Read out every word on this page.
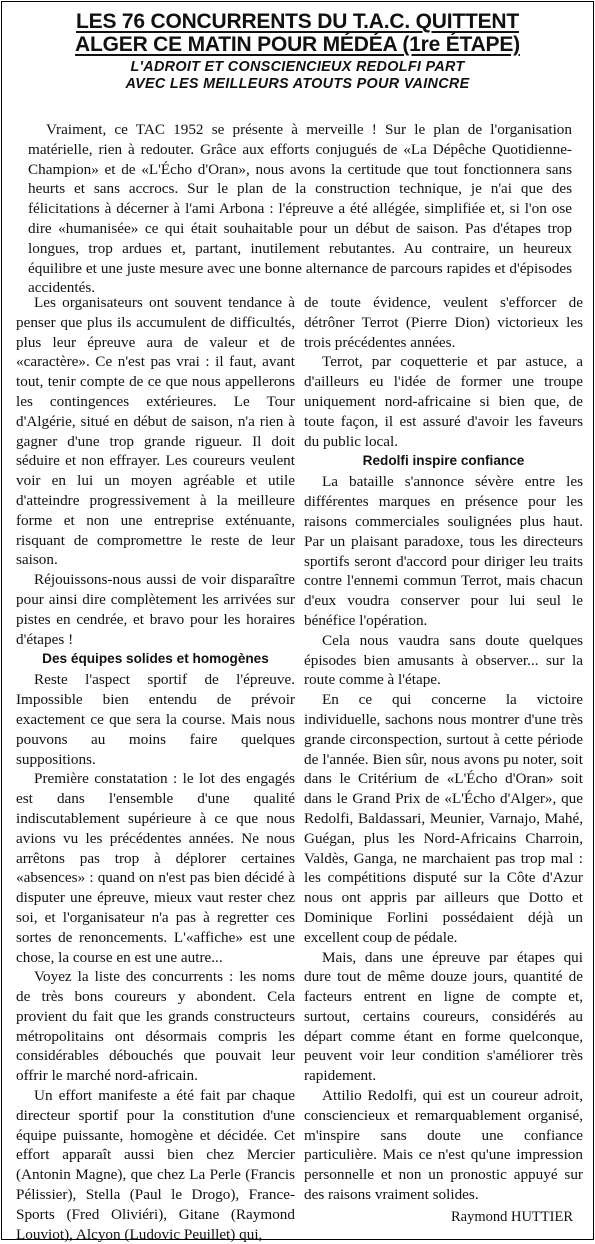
LES 76 CONCURRENTS DU T.A.C. QUITTENT
ALGER CE MATIN POUR MÉDÉA (1re ÉTAPE)
L'ADROIT ET CONSCIENCIEUX REDOLFI PART
AVEC LES MEILLEURS ATOUTS POUR VAINCRE

Vraiment, ce TAC 1952 se présente à merveille ! Sur le plan de l'organisation matérielle, rien à redouter. Grâce aux efforts conjugués de «La Dépêche Quotidienne-Champion» et de «L'Écho d'Oran», nous avons la certitude que tout fonctionnera sans heurts et sans accrocs. Sur le plan de la construction technique, je n'ai que des félicitations à décerner à l'ami Arbona : l'épreuve a été allégée, simplifiée et, si l'on ose dire «humanisée» ce qui était souhaitable pour un début de saison. Pas d'étapes trop longues, trop ardues et, partant, inutilement rebutantes. Au contraire, un heureux équilibre et une juste mesure avec une bonne alternance de parcours rapides et d'épisodes accidentés.

Les organisateurs ont souvent tendance à penser que plus ils accumulent de difficultés, plus leur épreuve aura de valeur et de «caractère». Ce n'est pas vrai : il faut, avant tout, tenir compte de ce que nous appellerons les contingences extérieures. Le Tour d'Algérie, situé en début de saison, n'a rien à gagner d'une trop grande rigueur. Il doit séduire et non effrayer. Les coureurs veulent voir en lui un moyen agréable et utile d'atteindre progressivement à la meilleure forme et non une entreprise exténuante, risquant de compromettre le reste de leur saison.

Réjouissons-nous aussi de voir disparaître pour ainsi dire complètement les arrivées sur pistes en cendrée, et bravo pour les horaires d'étapes !

Des équipes solides et homogènes

Reste l'aspect sportif de l'épreuve. Impossible bien entendu de prévoir exactement ce que sera la course. Mais nous pouvons au moins faire quelques suppositions.

Première constatation : le lot des engagés est dans l'ensemble d'une qualité indiscutablement supérieure à ce que nous avions vu les précédentes années. Ne nous arrêtons pas trop à déplorer certaines «absences» : quand on n'est pas bien décidé à disputer une épreuve, mieux vaut rester chez soi, et l'organisateur n'a pas à regretter ces sortes de renoncements. L'«affiche» est une chose, la course en est une autre...

Voyez la liste des concurrents : les noms de très bons coureurs y abondent. Cela provient du fait que les grands constructeurs métropolitains ont désormais compris les considérables débouchés que pouvait leur offrir le marché nord-africain.

Un effort manifeste a été fait par chaque directeur sportif pour la constitution d'une équipe puissante, homogène et décidée. Cet effort apparaît aussi bien chez Mercier (Antonin Magne), que chez La Perle (Francis Pélissier), Stella (Paul le Drogo), France-Sports (Fred Oliviéri), Gitane (Raymond Louviot), Alcyon (Ludovic Peuillet) qui,

de toute évidence, veulent s'efforcer de détrôner Terrot (Pierre Dion) victorieux les trois précédentes années.

Terrot, par coquetterie et par astuce, a d'ailleurs eu l'idée de former une troupe uniquement nord-africaine si bien que, de toute façon, il est assuré d'avoir les faveurs du public local.

Redolfi inspire confiance

La bataille s'annonce sévère entre les différentes marques en présence pour les raisons commerciales soulignées plus haut. Par un plaisant paradoxe, tous les directeurs sportifs seront d'accord pour diriger leu traits contre l'ennemi commun Terrot, mais chacun d'eux voudra conserver pour lui seul le bénéfice l'opération.

Cela nous vaudra sans doute quelques épisodes bien amusants à observer... sur la route comme à l'étape.

En ce qui concerne la victoire individuelle, sachons nous montrer d'une très grande circonspection, surtout à cette période de l'année. Bien sûr, nous avons pu noter, soit dans le Critérium de «L'Écho d'Oran» soit dans le Grand Prix de «L'Écho d'Alger», que Redolfi, Baldassari, Meunier, Varnajo, Mahé, Guégan, plus les Nord-Africains Charroin, Valdès, Ganga, ne marchaient pas trop mal : les compétitions disputé sur la Côte d'Azur nous ont appris par ailleurs que Dotto et Dominique Forlini possédaient déjà un excellent coup de pédale.

Mais, dans une épreuve par étapes qui dure tout de même douze jours, quantité de facteurs entrent en ligne de compte et, surtout, certains coureurs, considérés au départ comme étant en forme quelconque, peuvent voir leur condition s'améliorer très rapidement.

Attilio Redolfi, qui est un coureur adroit, consciencieux et remarquablement organisé, m'inspire sans doute une confiance particulière. Mais ce n'est qu'une impression personnelle et non un pronostic appuyé sur des raisons vraiment solides.

Raymond HUTTIER
